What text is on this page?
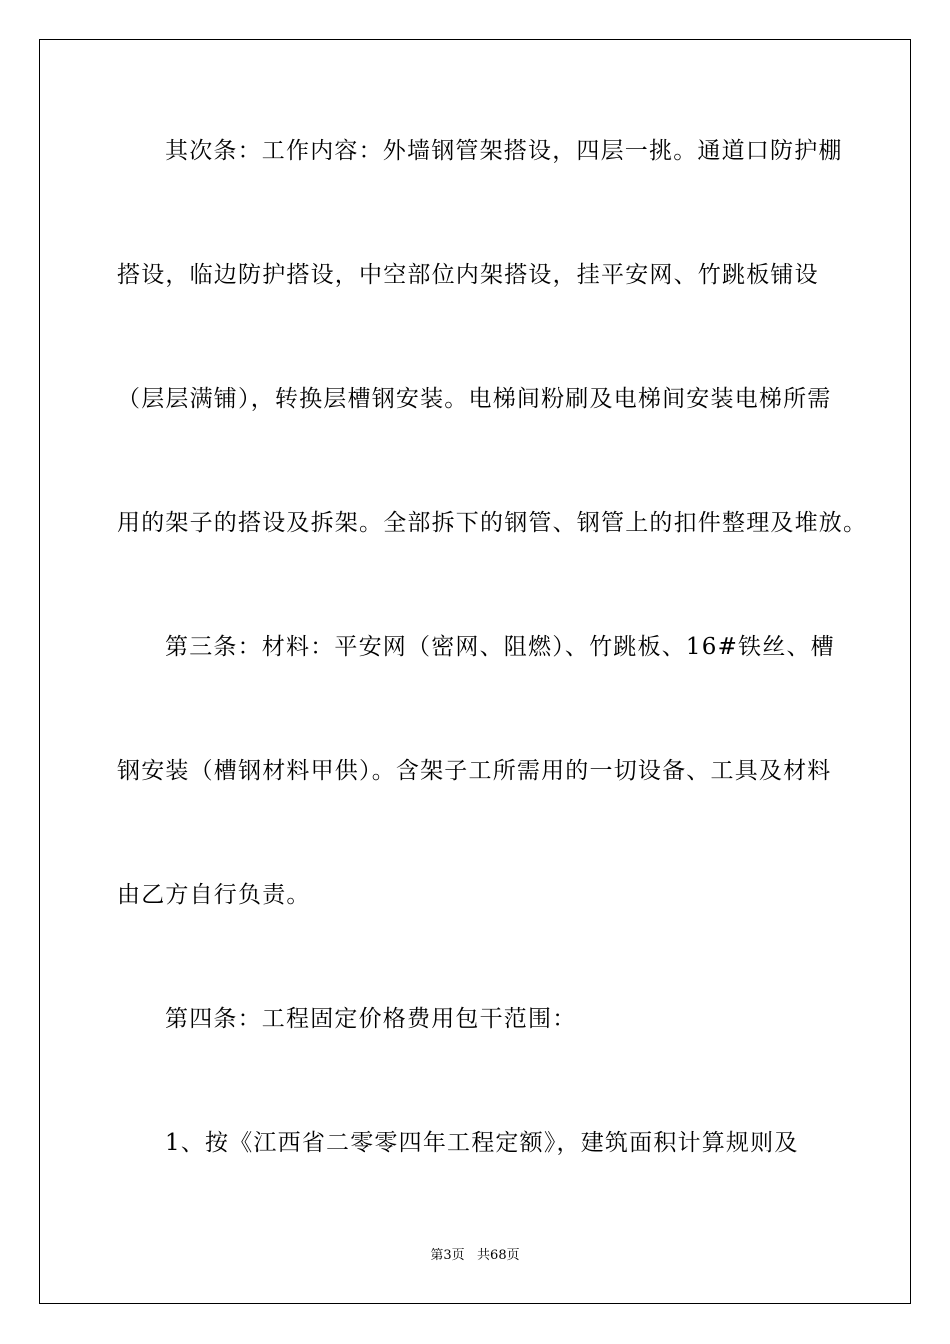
其次条：工作内容：外墙钢管架搭设，四层一挑。通道口防护棚
搭设，临边防护搭设，中空部位内架搭设，挂平安网、竹跳板铺设
（层层满铺），转换层槽钢安装。电梯间粉刷及电梯间安装电梯所需
用的架子的搭设及拆架。全部拆下的钢管、钢管上的扣件整理及堆放。
第三条：材料：平安网（密网、阻燃）、竹跳板、16#铁丝、槽
钢安装（槽钢材料甲供）。含架子工所需用的一切设备、工具及材料
由乙方自行负责。
第四条：工程固定价格费用包干范围：
1、按《江西省二零零四年工程定额》，建筑面积计算规则及
第3页   共68页
